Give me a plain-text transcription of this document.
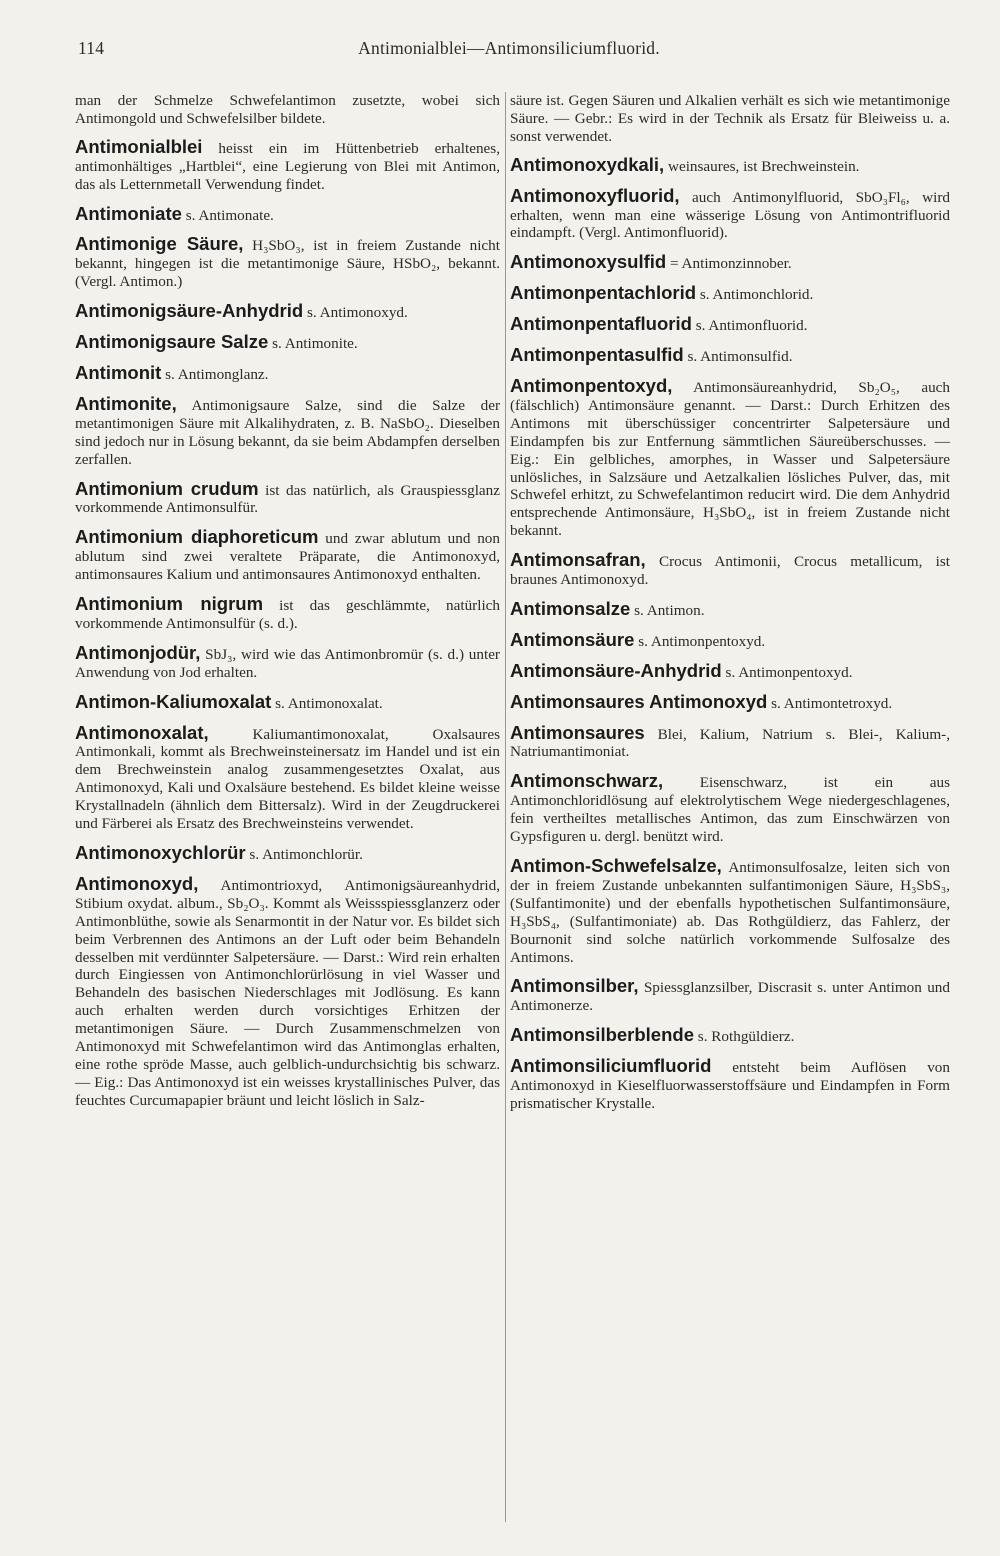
114	Antimonialblei—Antimonsiliciumfluorid.

man der Schmelze Schwefelantimon zusetzte, wobei sich Antimongold und Schwefelsilber bildete.

Antimonialblei heisst ein im Hüttenbetrieb erhaltenes, antimonhältiges „Hartblei“, eine Legierung von Blei mit Antimon, das als Letternmetall Verwendung findet.

Antimoniate s. Antimonate.

Antimonige Säure, H₃SbO₃, ist in freiem Zustande nicht bekannt, hingegen ist die metantimonige Säure, HSbO₂, bekannt. (Vergl. Antimon.)

Antimonigsäure-Anhydrid s. Antimonoxyd.

Antimonigsaure Salze s. Antimonite.

Antimonit s. Antimonglanz.

Antimonite, Antimonigsaure Salze, sind die Salze der metantimonigen Säure mit Alkalihydraten, z. B. NaSbO₂. Dieselben sind jedoch nur in Lösung bekannt, da sie beim Abdampfen derselben zerfallen.

Antimonium crudum ist das natürlich, als Grauspiessglanz vorkommende Antimonsulfür.

Antimonium diaphoreticum und zwar ablutum und non ablutum sind zwei veraltete Präparate, die Antimonoxyd, antimonsaures Kalium und antimonsaures Antimonoxyd enthalten.

Antimonium nigrum ist das geschlämmte, natürlich vorkommende Antimonsulfür (s. d.).

Antimonjodür, SbJ₃, wird wie das Antimonbromür (s. d.) unter Anwendung von Jod erhalten.

Antimon-Kaliumoxalat s. Antimonoxalat.

Antimonoxalat, Kaliumantimonoxalat, Oxalsaures Antimonkali, kommt als Brechweinsteinersatz im Handel und ist ein dem Brechweinstein analog zusammengesetztes Oxalat, aus Antimonoxyd, Kali und Oxalsäure bestehend. Es bildet kleine weisse Krystallnadeln (ähnlich dem Bittersalz). Wird in der Zeugdruckerei und Färberei als Ersatz des Brechweinsteins verwendet.

Antimonoxychlorür s. Antimonchlorür.

Antimonoxyd, Antimontrioxyd, Antimonigsäureanhydrid, Stibium oxydat. album., Sb₂O₃. Kommt als Weissspiessglanzerz oder Antimonblüthe, sowie als Senarmontit in der Natur vor. Es bildet sich beim Verbrennen des Antimons an der Luft oder beim Behandeln desselben mit verdünnter Salpetersäure. — Darst.: Wird rein erhalten durch Eingiessen von Antimonchlorürlösung in viel Wasser und Behandeln des basischen Niederschlages mit Jodlösung. Es kann auch erhalten werden durch vorsichtiges Erhitzen der metantimonigen Säure. — Durch Zusammenschmelzen von Antimonoxyd mit Schwefelantimon wird das Antimonglas erhalten, eine rothe spröde Masse, auch gelblich-undurchsichtig bis schwarz. — Eig.: Das Antimonoxyd ist ein weisses krystallinisches Pulver, das feuchtes Curcumapapier bräunt und leicht löslich in Salz-

säure ist. Gegen Säuren und Alkalien verhält es sich wie metantimonige Säure. — Gebr.: Es wird in der Technik als Ersatz für Bleiweiss u. a. sonst verwendet.

Antimonoxydkali, weinsaures, ist Brechweinstein.

Antimonoxyfluorid, auch Antimonylfluorid, SbO₃Fl₆, wird erhalten, wenn man eine wässerige Lösung von Antimontrifluorid eindampft. (Vergl. Antimonfluorid).

Antimonoxysulfid = Antimonzinnober.

Antimonpentachlorid s. Antimonchlorid.

Antimonpentafluorid s. Antimonfluorid.

Antimonpentasulfid s. Antimonsulfid.

Antimonpentoxyd, Antimonsäureanhydrid, Sb₂O₅, auch (fälschlich) Antimonsäure genannt. — Darst.: Durch Erhitzen des Antimons mit überschüssiger concentrirter Salpetersäure und Eindampfen bis zur Entfernung sämmtlichen Säureüberschusses. — Eig.: Ein gelbliches, amorphes, in Wasser und Salpetersäure unlösliches, in Salzsäure und Aetzalkalien lösliches Pulver, das, mit Schwefel erhitzt, zu Schwefelantimon reducirt wird. Die dem Anhydrid entsprechende Antimonsäure, H₃SbO₄, ist in freiem Zustande nicht bekannt.

Antimonsafran, Crocus Antimonii, Crocus metallicum, ist braunes Antimonoxyd.

Antimonsalze s. Antimon.

Antimonsäure s. Antimonpentoxyd.

Antimonsäure-Anhydrid s. Antimonpentoxyd.

Antimonsaures Antimonoxyd s. Antimontetroxyd.

Antimonsaures Blei, Kalium, Natrium s. Blei-, Kalium-, Natriumantimoniat.

Antimonschwarz, Eisenschwarz, ist ein aus Antimonchloridlösung auf elektrolytischem Wege niedergeschlagenes, fein vertheiltes metallisches Antimon, das zum Einschwärzen von Gypsfiguren u. dergl. benützt wird.

Antimon-Schwefelsalze, Antimonsulfosalze, leiten sich von der in freiem Zustande unbekannten sulfantimonigen Säure, H₃SbS₃, (Sulfantimonite) und der ebenfalls hypothetischen Sulfantimonsäure, H₃SbS₄, (Sulfantimoniate) ab. Das Rothgüldierz, das Fahlerz, der Bournonit sind solche natürlich vorkommende Sulfosalze des Antimons.

Antimonsilber, Spiessglanzsilber, Discrasit s. unter Antimon und Antimonerze.

Antimonsilberblende s. Rothgüldierz.

Antimonsiliciumfluorid entsteht beim Auflösen von Antimonoxyd in Kieselfluorwasserstoffsäure und Eindampfen in Form prismatischer Krystalle.
